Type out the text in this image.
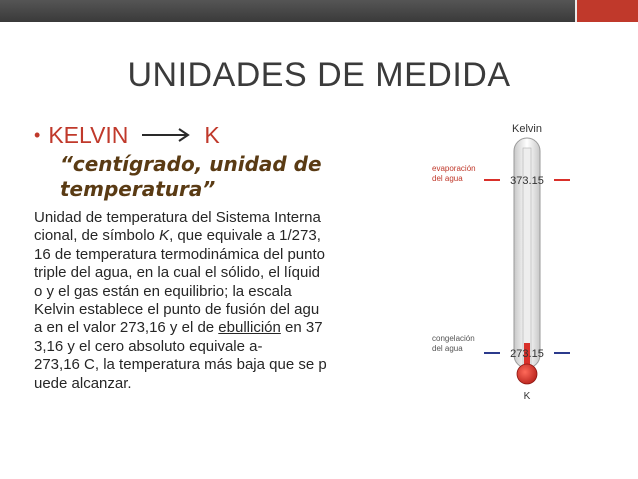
UNIDADES DE MEDIDA
• KELVIN	K
“centígrado, unidad de temperatura”
Unidad de temperatura del Sistema Interna
cional, de símbolo K, que equivale a 1/273,
16 de temperatura termodinámica del punto
triple del agua, en la cual el sólido, el líquid
o y el gas están en equilibrio; la escala
Kelvin establece el punto de fusión del agu
a en el valor 273,16 y el de ebullición en 37
3,16 y el cero absoluto equivale a-
273,16 C, la temperatura más baja que se p
uede alcanzar.
Kelvin
evaporación
del agua	373.15
congelación
del agua	273.15
K
